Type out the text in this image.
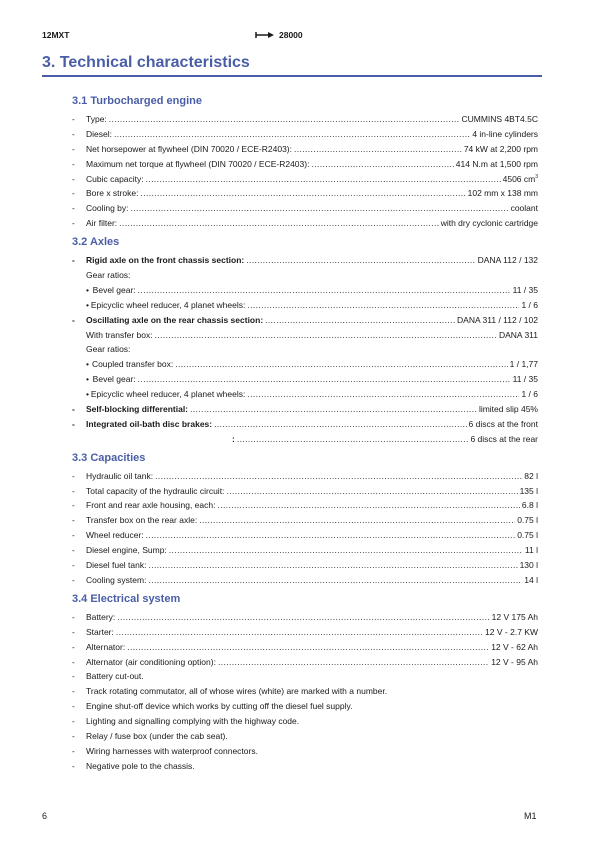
12MXT	28000
3. Technical characteristics
3.1 Turbocharged engine
-	Type: .....	CUMMINS 4BT4.5C
-	Diesel: .....	4 in-line cylinders
-	Net horsepower at flywheel (DIN 70020 / ECE-R2403): .....	74 kW at 2,200 rpm
-	Maximum net torque at flywheel (DIN 70020 / ECE-R2403): .....	414 N.m at 1,500 rpm
-	Cubic capacity: .....	4506 $cm^3$
-	Bore x stroke: .....	102 mm x 138 mm
-	Cooling by: .....	coolant
-	Air filter: .....	with dry cyclonic cartridge
3.2 Axles
-	Rigid axle on the front chassis section: .....	DANA 112 / 132
Gear ratios:
• Bevel gear: .....	11 / 35
• Epicyclic wheel reducer, 4 planet wheels: .....	1 / 6
-	Oscillating axle on the rear chassis section: .....	DANA 311 / 112 / 102
With transfer box: .....	DANA 311
Gear ratios:
• Coupled transfer box: .....	1 / 1,77
• Bevel gear: .....	11 / 35
• Epicyclic wheel reducer, 4 planet wheels: .....	1 / 6
-	Self-blocking differential: .....	limited slip 45%
-	Integrated oil-bath disc brakes: .....	6 discs at the front
: .....	6 discs at the rear
3.3 Capacities
-	Hydraulic oil tank: .....	82 l
-	Total capacity of the hydraulic circuit: .....	135 l
-	Front and rear axle housing, each: .....	6.8 l
-	Transfer box on the rear axle: .....	0.75 l
-	Wheel reducer: .....	0.75 l
-	Diesel engine, Sump: .....	11 l
-	Diesel fuel tank: .....	130 l
-	Cooling system: .....	14 l
3.4 Electrical system
-	Battery: .....	12 V 175 Ah
-	Starter: .....	12 V - 2.7 KW
-	Alternator: .....	12 V - 62 Ah
-	Alternator (air conditioning option): .....	12 V - 95 Ah
-	Battery cut-out.
-	Track rotating commutator, all of whose wires (white) are marked with a number.
-	Engine shut-off device which works by cutting off the diesel fuel supply.
-	Lighting and signalling complying with the highway code.
-	Relay / fuse box (under the cab seat).
-	Wiring harnesses with waterproof connectors.
-	Negative pole to the chassis.
6	M1
